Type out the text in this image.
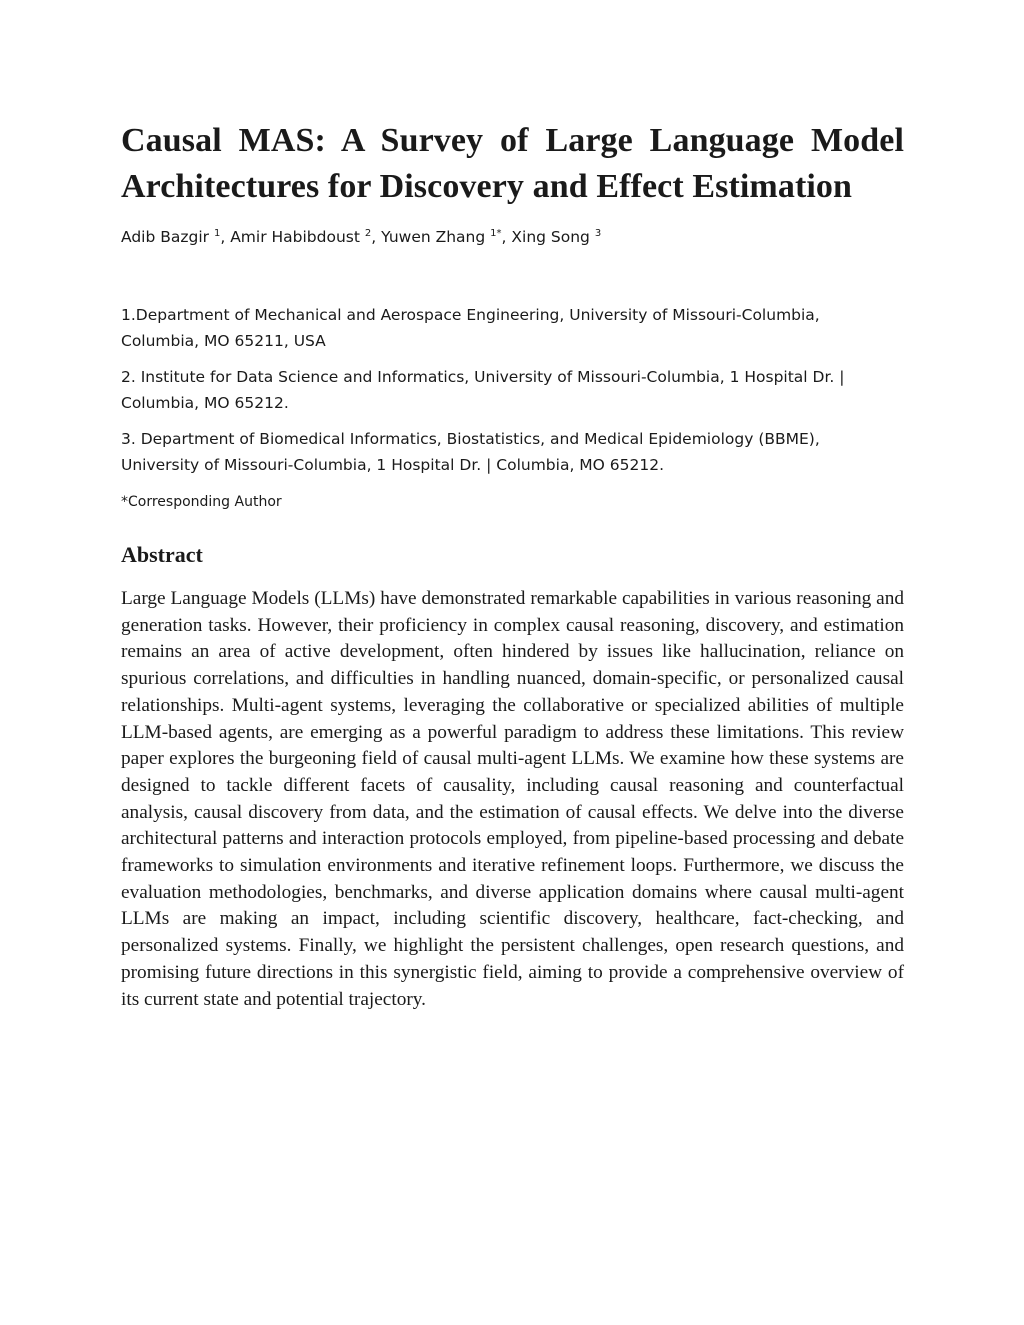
Causal MAS: A Survey of Large Language Model
Architectures for Discovery and Effect Estimation
Adib Bazgir $^1$, Amir Habibdoust $^2$, Yuwen Zhang $^{1*}$, Xing Song $^3$

1.Department of Mechanical and Aerospace Engineering, University of Missouri-Columbia,
Columbia, MO 65211, USA

2. Institute for Data Science and Informatics, University of Missouri-Columbia, 1 Hospital Dr. |
Columbia, MO 65212.

3. Department of Biomedical Informatics, Biostatistics, and Medical Epidemiology (BBME),
University of Missouri-Columbia, 1 Hospital Dr. | Columbia, MO 65212.

*Corresponding Author
Abstract
Large Language Models (LLMs) have demonstrated remarkable capabilities in various reasoning and generation tasks. However, their proficiency in complex causal reasoning, discovery, and estimation remains an area of active development, often hindered by issues like hallucination, reliance on spurious correlations, and difficulties in handling nuanced, domain-specific, or personalized causal relationships. Multi-agent systems, leveraging the collaborative or specialized abilities of multiple LLM-based agents, are emerging as a powerful paradigm to address these limitations. This review paper explores the burgeoning field of causal multi-agent LLMs. We examine how these systems are designed to tackle different facets of causality, including causal reasoning and counterfactual analysis, causal discovery from data, and the estimation of causal effects. We delve into the diverse architectural patterns and interaction protocols employed, from pipeline-based processing and debate frameworks to simulation environments and iterative refinement loops. Furthermore, we discuss the evaluation methodologies, benchmarks, and diverse application domains where causal multi-agent LLMs are making an impact, including scientific discovery, healthcare, fact-checking, and personalized systems. Finally, we highlight the persistent challenges, open research questions, and promising future directions in this synergistic field, aiming to provide a comprehensive overview of its current state and potential trajectory.
